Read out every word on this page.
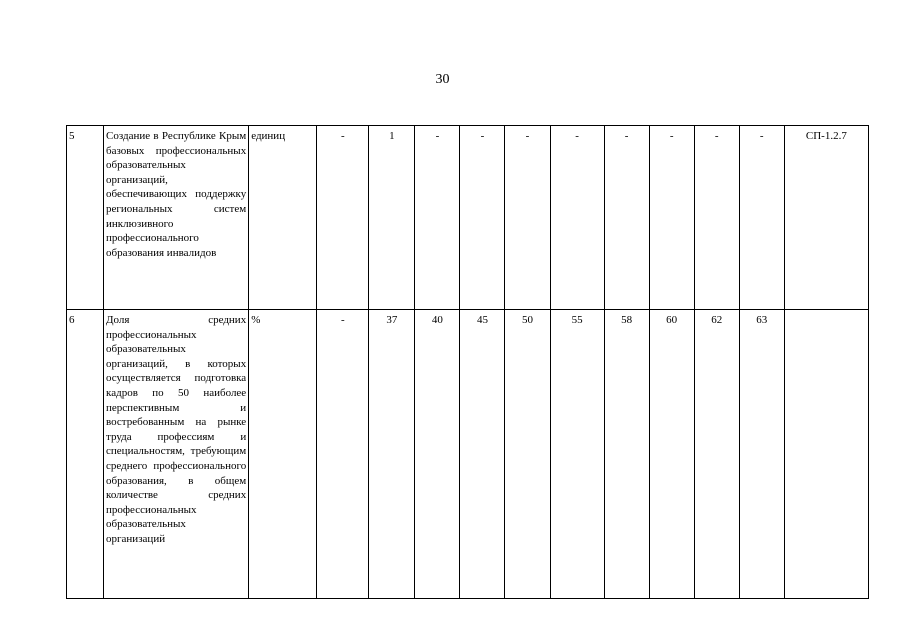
30
5	Создание в Республике Крым базовых профессиональных образовательных организаций, обеспечивающих поддержку региональных систем инклюзивного профессионального образования инвалидов	единиц	-	1	-	-	-	-	-	-	-	-	СП-1.2.7
6	Доля средних профессиональных образовательных организаций, в которых осуществляется подготовка кадров по 50 наиболее перспективным и востребованным на рынке труда профессиям и специальностям, требующим среднего профессионального образования, в общем количестве средних профессиональных образовательных организаций	%	-	37	40	45	50	55	58	60	62	63	
